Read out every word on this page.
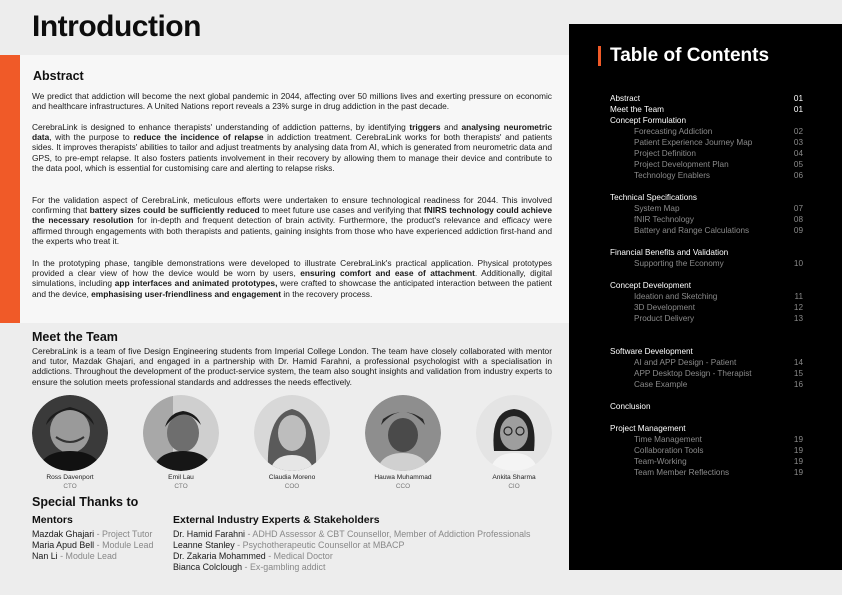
Introduction
Abstract

We predict that addiction will become the next global pandemic in 2044, affecting over 50 millions lives and exerting pressure on economic and healthcare infrastructures. A United Nations report reveals a 23% surge in drug addiction in the past decade.

CerebraLink is designed to enhance therapists' understanding of addiction patterns, by identifying triggers and analysing neurometric data, with the purpose to reduce the incidence of relapse in addiction treatment. CerebraLink works for both therapists' and patients sides. It improves therapists' abilities to tailor and adjust treatments by analysing data from AI, which is generated from neurometric data and GPS, to pre-empt relapse. It also fosters patients involvement in their recovery by allowing them to manage their device and contribute to the data pool, which is essential for customising care and alerting to relapse risks.

For the validation aspect of CerebraLink, meticulous efforts were undertaken to ensure technological readiness for 2044. This involved confirming that battery sizes could be sufficiently reduced to meet future use cases and verifying that fNIRS technology could achieve the necessary resolution for in-depth and frequent detection of brain activity. Furthermore, the product's relevance and efficacy were affirmed through engagements with both therapists and patients, gaining insights from those who have experienced addiction first-hand and the experts who treat it.

In the prototyping phase, tangible demonstrations were developed to illustrate CerebraLink's practical application. Physical prototypes provided a clear view of how the device would be worn by users, ensuring comfort and ease of attachment. Additionally, digital simulations, including app interfaces and animated prototypes, were crafted to showcase the anticipated interaction between the patient and the device, emphasising user-friendliness and engagement in the recovery process.

Meet the Team

CerebraLink is a team of five Design Engineering students from Imperial College London. The team have closely collaborated with mentor and tutor, Mazdak Ghajari, and engaged in a partnership with Dr. Hamid Farahni, a professional psychologist with a specialisation in addictions. Throughout the development of the product-service system, the team also sought insights and validation from industry experts to ensure the solution meets professional standards and addresses the needs effectively.

Ross Davenport
CTO
Emil Lau
CTO
Claudia Moreno
COO
Hauwa Muhammad
CCO
Ankita Sharma
CIO
Special Thanks to
Mentors	External Industry Experts & Stakeholders
Mazdak Ghajari - Project Tutor
Maria Apud Bell - Module Lead
Nan Li - Module Lead
Dr. Hamid Farahni - ADHD Assessor & CBT Counsellor, Member of Addiction Professionals
Leanne Stanley - Psychotherapeutic Counsellor at MBACP
Dr. Zakaria Mohammed - Medical Doctor
Bianca Colclough - Ex-gambling addict
Table of Contents
Abstract	01
Meet the Team	01
Concept Formulation
Forecasting Addiction	02
Patient Experience Journey Map	03
Project Definition	04
Project Development Plan	05
Technology Enablers	06
Technical Specifications
System Map	07
fNIR Technology	08
Battery and Range Calculations	09
Financial Benefits and Validation
Supporting the Economy	10
Concept Development
Ideation and Sketching	11
3D Development	12
Product Delivery	13
Software Development
AI and APP Design - Patient	14
APP Desktop Design - Therapist	15
Case Example	16
Conclusion
Project Management
Time Management	19
Collaboration Tools	19
Team-Working	19
Team Member Reflections	19
